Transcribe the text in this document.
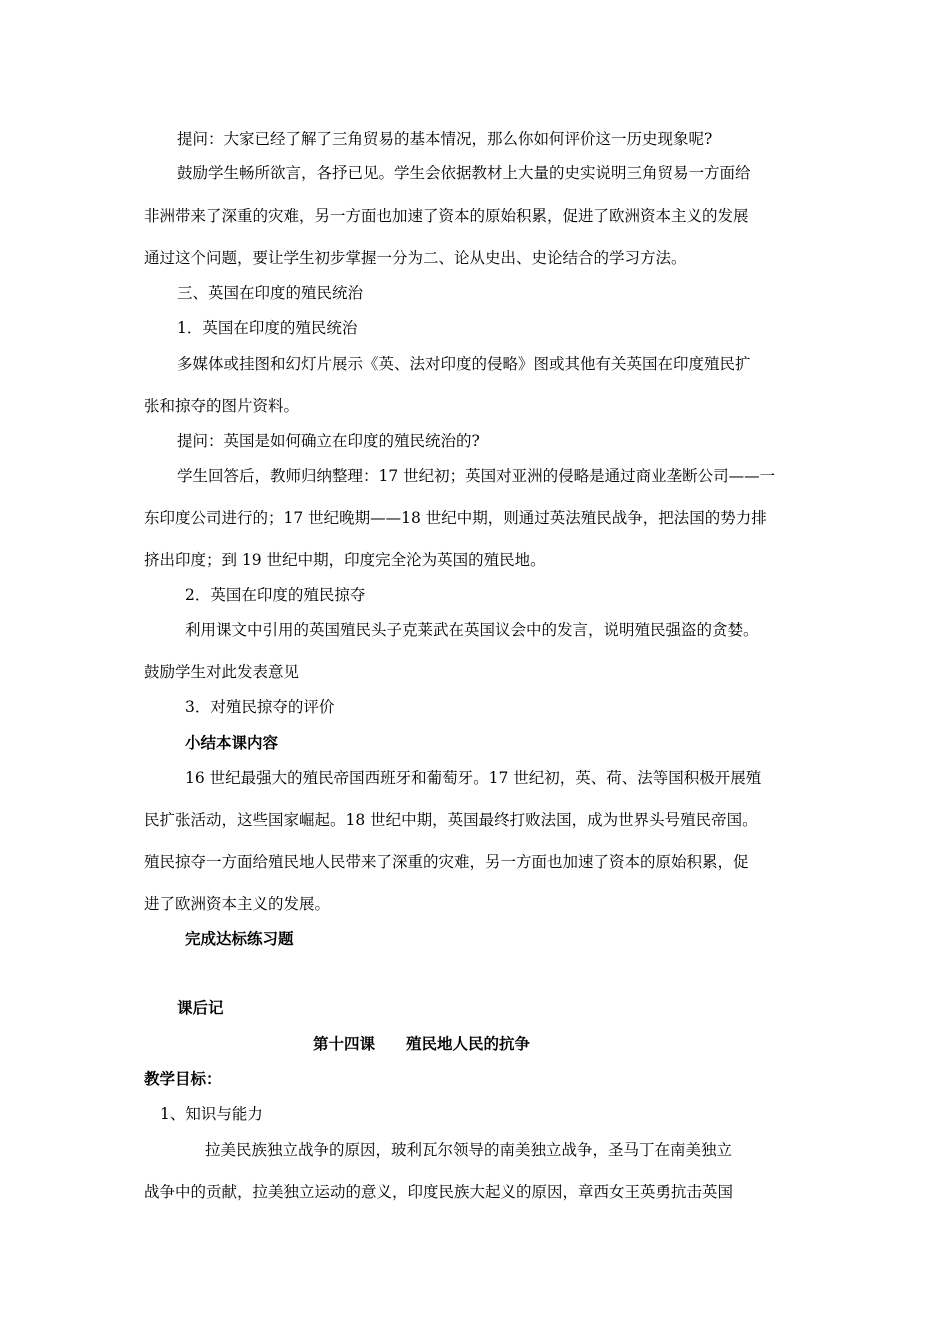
提问：大家已经了解了三角贸易的基本情况，那么你如何评价这一历史现象呢?
鼓励学生畅所欲言，各抒已见。学生会依据教材上大量的史实说明三角贸易一方面给
非洲带来了深重的灾难，另一方面也加速了资本的原始积累，促进了欧洲资本主义的发展
通过这个问题，要让学生初步掌握一分为二、论从史出、史论结合的学习方法。
三、英国在印度的殖民统治
1．英国在印度的殖民统治
多媒体或挂图和幻灯片展示《英、法对印度的侵略》图或其他有关英国在印度殖民扩
张和掠夺的图片资料。
提问：英国是如何确立在印度的殖民统治的?
学生回答后，教师归纳整理：17 世纪初；英国对亚洲的侵略是通过商业垄断公司——一
东印度公司进行的；17 世纪晚期——18 世纪中期，则通过英法殖民战争，把法国的势力排
挤出印度；到 19 世纪中期，印度完全沦为英国的殖民地。
2．英国在印度的殖民掠夺
利用课文中引用的英国殖民头子克莱武在英国议会中的发言，说明殖民强盗的贪婪。
鼓励学生对此发表意见
3．对殖民掠夺的评价
小结本课内容
16 世纪最强大的殖民帝国西班牙和葡萄牙。17 世纪初，英、荷、法等国积极开展殖
民扩张活动，这些国家崛起。18 世纪中期，英国最终打败法国，成为世界头号殖民帝国。
殖民掠夺一方面给殖民地人民带来了深重的灾难，另一方面也加速了资本的原始积累，促
进了欧洲资本主义的发展。
完成达标练习题
课后记
第十四课　　殖民地人民的抗争
教学目标：
1、知识与能力
拉美民族独立战争的原因，玻利瓦尔领导的南美独立战争，圣马丁在南美独立
战争中的贡献，拉美独立运动的意义，印度民族大起义的原因，章西女王英勇抗击英国
